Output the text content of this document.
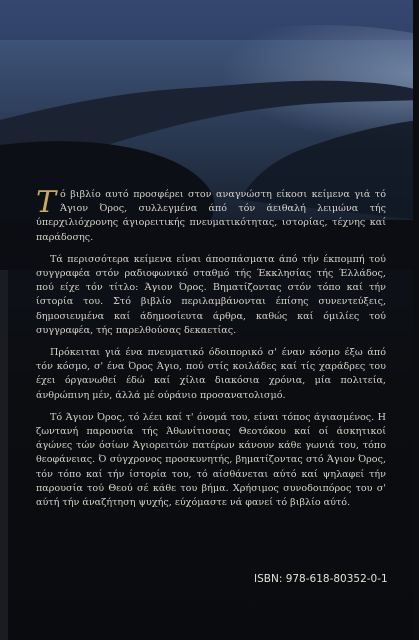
Τό βιβλίο αυτό προσφέρει στον αναγνώστη είκοσι κείμενα γιά τό Άγιον Όρος, συλλεγμένα άπό τόν άειθαλή λειμώνα τής ύπερχιλιόχρονης άγιορειτικής πνευματικότητας, ιστορίας, τέχνης καί παράδοσης.

Τά περισσότερα κείμενα είναι άποσπάσματα άπό τήν έκπομπή τού συγγραφέα στόν ραδιοφωνικό σταθμό τής Έκκλησίας τής Έλλάδος, πού είχε τόν τίτλο: Άγιον Όρος. Βηματίζοντας στόν τόπο καί τήν ίστορία του. Στό βιβλίο περιλαμβάνονται έπίσης συνεντεύξεις, δημοσιευμένα καί άδημοσίευτα άρθρα, καθώς καί όμιλίες τού συγγραφέα, τής παρελθούσας δεκαετίας.

Πρόκειται γιά ένα πνευματικό όδοιπορικό σ' έναν κόσμο έξω άπό τόν κόσμο, σ' ένα Όρος Άγιο, πού στίς κοιλάδες καί τίς χαράδρες του έχει όργανωθεί έδώ καί χίλια διακόσια χρόνια, μία πολιτεία, άνθρώπινη μέν, άλλά μέ ούράνιο προσανατολισμό.

Τό Άγιον Όρος, τό λέει καί τ' όνομά του, είναι τόπος άγιασμένος. Η ζωντανή παρουσία τής Άθωνίτισσας Θεοτόκου καί οί άσκητικοί άγώνες τών όσίων Άγιορειτών πατέρων κάνουν κάθε γωνιά του, τόπο θεοφάνειας. Ό σύγχρονος προσκυνητής, βηματίζοντας στό Άγιον Όρος, τόν τόπο καί τήν ίστορία του, τό αίσθάνεται αύτό καί ψηλαφεί τήν παρουσία τού Θεού σέ κάθε του βήμα. Χρήσιμος συνοδοιπόρος του σ' αύτή τήν άναζήτηση ψυχής, εύχόμαστε νά φανεί τό βιβλίο αύτό.

ISBN: 978-618-80352-0-1
